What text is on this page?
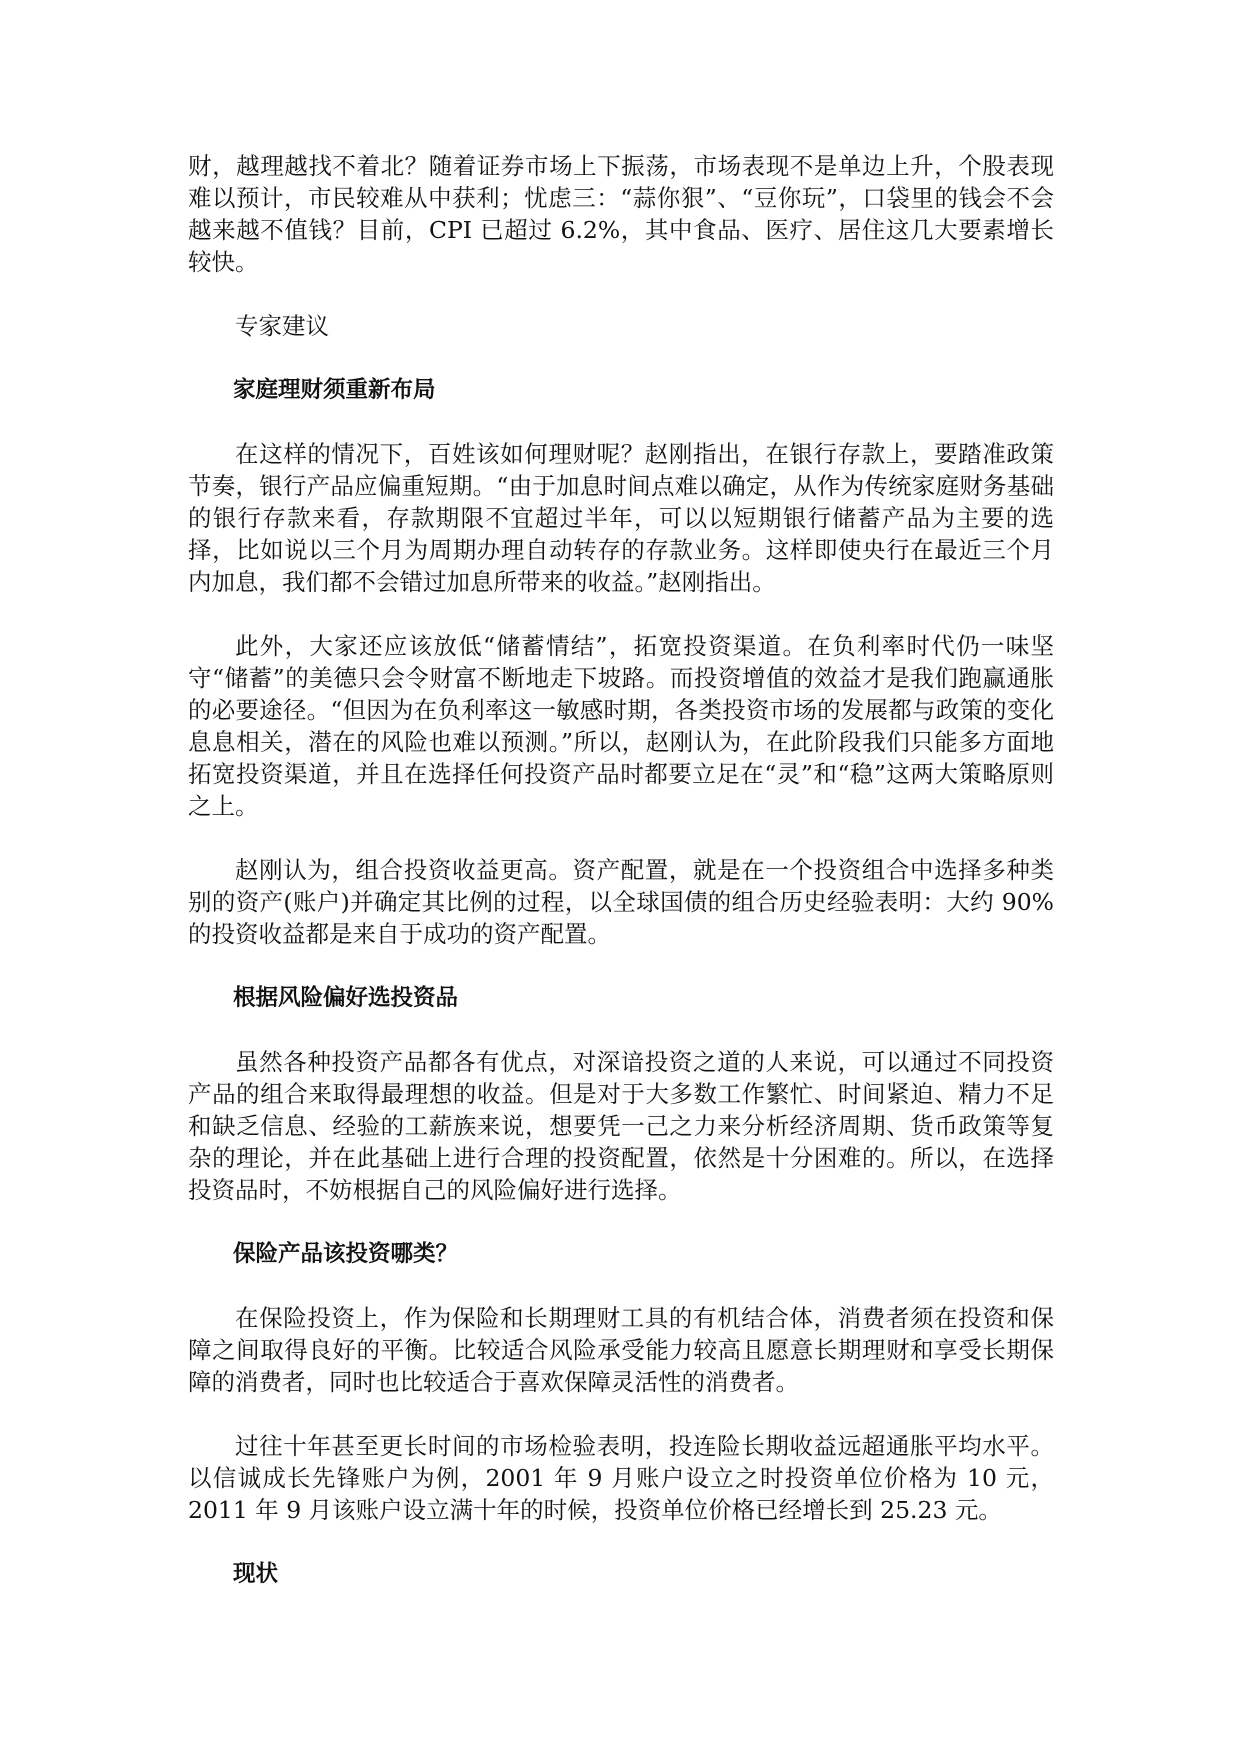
财，越理越找不着北？随着证券市场上下振荡，市场表现不是单边上升，个股表现难以预计，市民较难从中获利；忧虑三：“蒜你狠”、“豆你玩”，口袋里的钱会不会越来越不值钱？目前，CPI 已超过 6.2%，其中食品、医疗、居住这几大要素增长较快。

专家建议

家庭理财须重新布局

在这样的情况下，百姓该如何理财呢？赵刚指出，在银行存款上，要踏准政策节奏，银行产品应偏重短期。“由于加息时间点难以确定，从作为传统家庭财务基础的银行存款来看，存款期限不宜超过半年，可以以短期银行储蓄产品为主要的选择，比如说以三个月为周期办理自动转存的存款业务。这样即使央行在最近三个月内加息，我们都不会错过加息所带来的收益。”赵刚指出。

此外，大家还应该放低“储蓄情结”，拓宽投资渠道。在负利率时代仍一味坚守“储蓄”的美德只会令财富不断地走下坡路。而投资增值的效益才是我们跑赢通胀的必要途径。“但因为在负利率这一敏感时期，各类投资市场的发展都与政策的变化息息相关，潜在的风险也难以预测。”所以，赵刚认为，在此阶段我们只能多方面地拓宽投资渠道，并且在选择任何投资产品时都要立足在“灵”和“稳”这两大策略原则之上。

赵刚认为，组合投资收益更高。资产配置，就是在一个投资组合中选择多种类别的资产(账户)并确定其比例的过程，以全球国债的组合历史经验表明：大约 90%的投资收益都是来自于成功的资产配置。

根据风险偏好选投资品

虽然各种投资产品都各有优点，对深谙投资之道的人来说，可以通过不同投资产品的组合来取得最理想的收益。但是对于大多数工作繁忙、时间紧迫、精力不足和缺乏信息、经验的工薪族来说，想要凭一己之力来分析经济周期、货币政策等复杂的理论，并在此基础上进行合理的投资配置，依然是十分困难的。所以，在选择投资品时，不妨根据自己的风险偏好进行选择。

保险产品该投资哪类？

在保险投资上，作为保险和长期理财工具的有机结合体，消费者须在投资和保障之间取得良好的平衡。比较适合风险承受能力较高且愿意长期理财和享受长期保障的消费者，同时也比较适合于喜欢保障灵活性的消费者。

过往十年甚至更长时间的市场检验表明，投连险长期收益远超通胀平均水平。以信诚成长先锋账户为例，2001 年 9 月账户设立之时投资单位价格为 10 元，2011 年 9 月该账户设立满十年的时候，投资单位价格已经增长到 25.23 元。

现状
